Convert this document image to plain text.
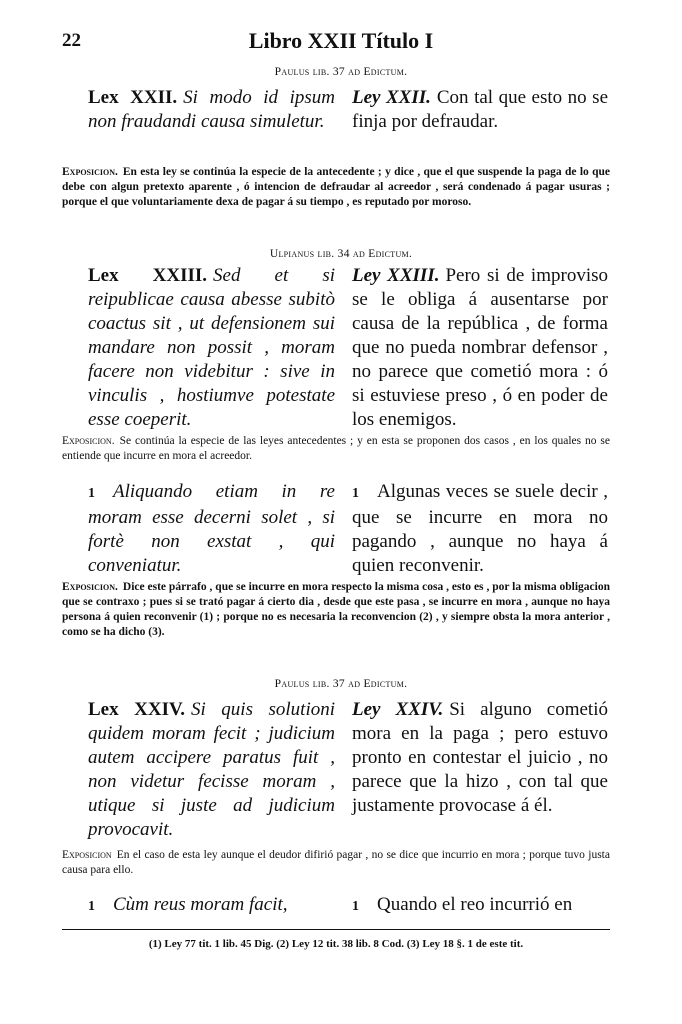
22	Libro XXII Título I
Paulus lib. 37 ad Edictum.
Lex XXII. Si modo id ipsum non fraudandi causa simuletur.
Ley XXII. Con tal que esto no se finja por defraudar.
Exposicion. En esta ley se continúa la especie de la antecedente ; y dice , que el que suspende la paga de lo que debe con algun pretexto aparente , ó intencion de defraudar al acreedor , será condenado á pagar usuras ; porque el que voluntariamente dexa de pagar á su tiempo , es reputado por moroso.
Ulpianus lib. 34 ad Edictum.
Lex XXIII. Sed et si reipublicae causa abesse subitò coactus sit , ut defensionem sui mandare non possit , moram facere non videbitur : sive in vinculis , hostiumve potestate esse coeperit.
Ley XXIII. Pero si de improviso se le obliga á ausentarse por causa de la república , de forma que no pueda nombrar defensor , no parece que cometió mora : ó si estuviese preso , ó en poder de los enemigos.
Exposicion. Se continúa la especie de las leyes antecedentes ; y en esta se proponen dos casos , en los quales no se entiende que incurre en mora el acreedor.
1 Aliquando etiam in re moram esse decerni solet , si fortè non exstat , qui conveniatur.
1 Algunas veces se suele decir , que se incurre en mora no pagando , aunque no haya á quien reconvenir.
Exposicion. Dice este párrafo , que se incurre en mora respecto la misma cosa , esto es , por la misma obligacion que se contraxo ; pues si se trató pagar á cierto dia , desde que este pasa , se incurre en mora , aunque no haya persona á quien reconvenir (1) ; porque no es necesaria la reconvencion (2) , y siempre obsta la mora anterior , como se ha dicho (3).
Paulus lib. 37 ad Edictum.
Lex XXIV. Si quis solutioni quidem moram fecit ; judicium autem accipere paratus fuit , non videtur fecisse moram , utique si juste ad judicium provocavit.
Ley XXIV. Si alguno cometió mora en la paga ; pero estuvo pronto en contestar el juicio , no parece que la hizo , con tal que justamente provocase á él.
Exposicion En el caso de esta ley aunque el deudor difirió pagar , no se dice que incurrio en mora ; porque tuvo justa causa para ello.
1 Cùm reus moram facit,	1 Quando el reo incurrió en
(1) Ley 77 tit. 1 lib. 45 Dig. (2) Ley 12 tit. 38 lib. 8 Cod. (3) Ley 18 §. 1 de este tit.
